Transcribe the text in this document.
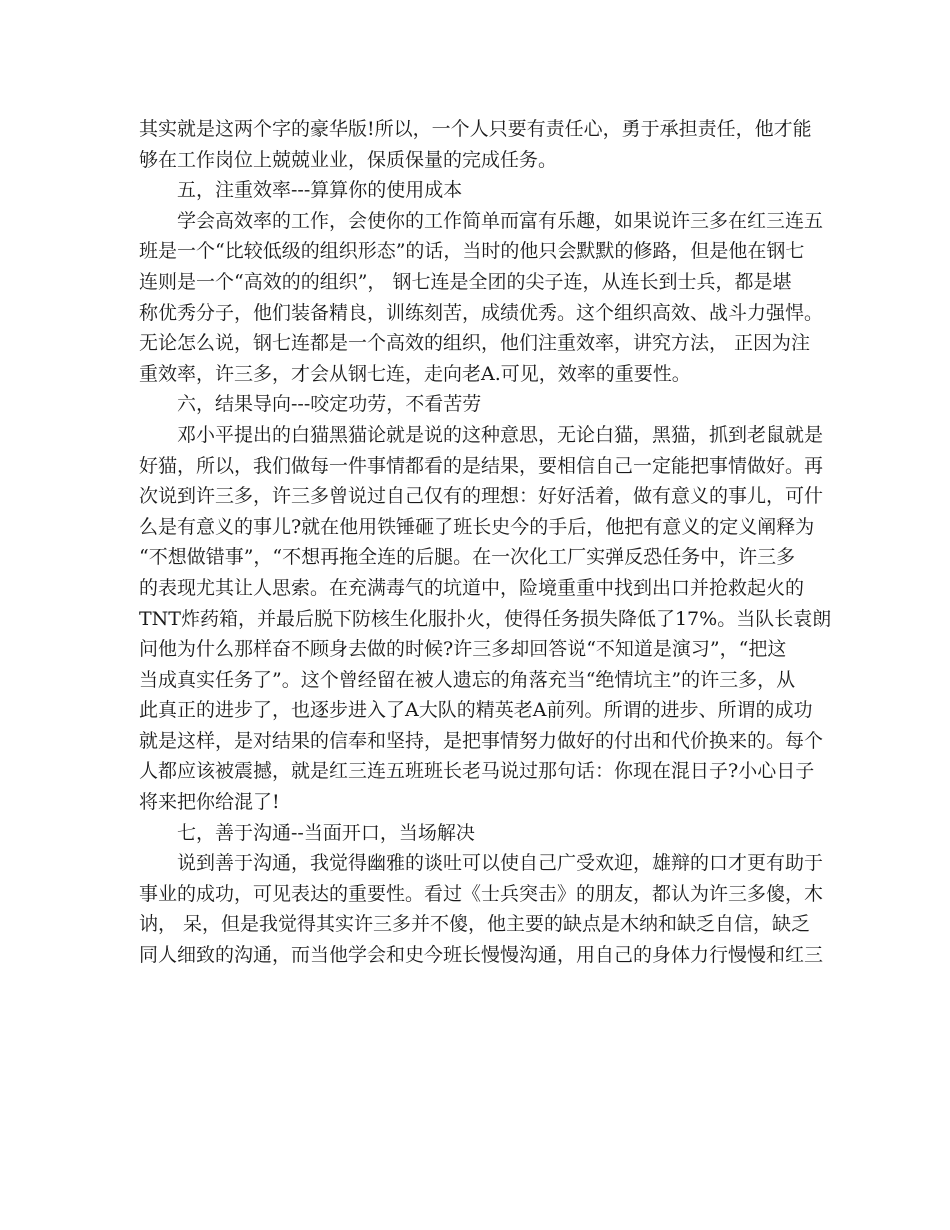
其实就是这两个字的豪华版!所以，一个人只要有责任心，勇于承担责任，他才能
够在工作岗位上兢兢业业，保质保量的完成任务。
五，注重效率---算算你的使用成本
学会高效率的工作，会使你的工作简单而富有乐趣，如果说许三多在红三连五
班是一个“比较低级的组织形态”的话，当时的他只会默默的修路，但是他在钢七
连则是一个“高效的的组织”， 钢七连是全团的尖子连，从连长到士兵，都是堪
称优秀分子，他们装备精良，训练刻苦，成绩优秀。这个组织高效、战斗力强悍。
无论怎么说，钢七连都是一个高效的组织，他们注重效率，讲究方法， 正因为注
重效率，许三多，才会从钢七连，走向老A.可见，效率的重要性。
六，结果导向---咬定功劳，不看苦劳
邓小平提出的白猫黑猫论就是说的这种意思，无论白猫，黑猫，抓到老鼠就是
好猫，所以，我们做每一件事情都看的是结果，要相信自己一定能把事情做好。再
次说到许三多，许三多曾说过自己仅有的理想：好好活着，做有意义的事儿，可什
么是有意义的事儿?就在他用铁锤砸了班长史今的手后，他把有意义的定义阐释为
“不想做错事”，“不想再拖全连的后腿。在一次化工厂实弹反恐任务中，许三多
的表现尤其让人思索。在充满毒气的坑道中，险境重重中找到出口并抢救起火的
TNT炸药箱，并最后脱下防核生化服扑火，使得任务损失降低了17%。当队长袁朗
问他为什么那样奋不顾身去做的时候?许三多却回答说“不知道是演习”，“把这
当成真实任务了”。这个曾经留在被人遗忘的角落充当“绝情坑主”的许三多，从
此真正的进步了，也逐步进入了A大队的精英老A前列。所谓的进步、所谓的成功
就是这样，是对结果的信奉和坚持，是把事情努力做好的付出和代价换来的。每个
人都应该被震撼，就是红三连五班班长老马说过那句话：你现在混日子?小心日子
将来把你给混了!
七，善于沟通--当面开口，当场解决
说到善于沟通，我觉得幽雅的谈吐可以使自己广受欢迎，雄辩的口才更有助于
事业的成功，可见表达的重要性。看过《士兵突击》的朋友，都认为许三多傻，木
讷， 呆，但是我觉得其实许三多并不傻，他主要的缺点是木纳和缺乏自信，缺乏
同人细致的沟通，而当他学会和史今班长慢慢沟通，用自己的身体力行慢慢和红三
